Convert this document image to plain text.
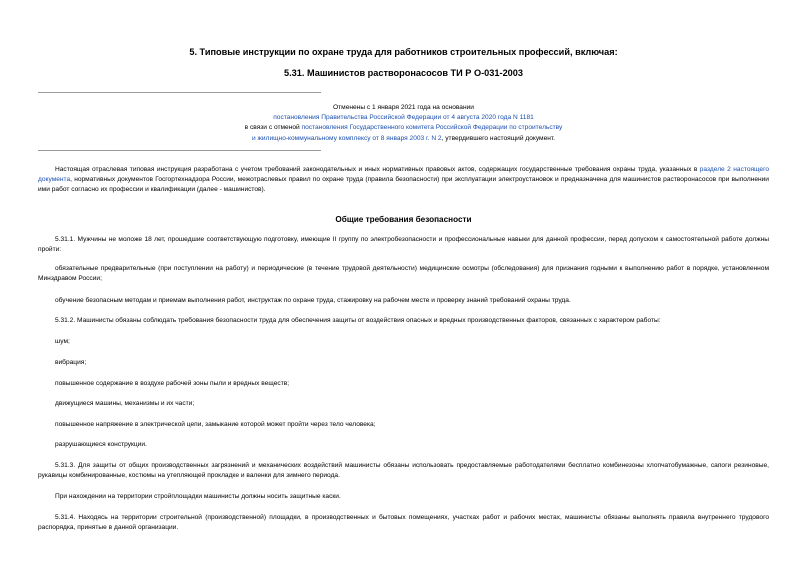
5. Типовые инструкции по охране труда для работников строительных профессий, включая:
5.31. Машинистов растворонасосов ТИ Р О-031-2003
Отменены с 1 января 2021 года на основании
постановления Правительства Российской Федерации от 4 августа 2020 года N 1181
в связи с отменой постановления Государственного комитета Российской Федерации по строительству
и жилищно-коммунальному комплексу от 8 января 2003 г. N 2, утвердившего настоящий документ.
Настоящая отраслевая типовая инструкция разработана с учетом требований законодательных и иных нормативных правовых актов, содержащих государственные требования охраны труда, указанных в разделе 2 настоящего документа, нормативных документов Госгортехнадзора России, межотраслевых правил по охране труда (правила безопасности) при эксплуатации электроустановок и предназначена для машинистов растворонасосов при выполнении ими работ согласно их профессии и квалификации (далее - машинистов).
Общие требования безопасности
5.31.1. Мужчины не моложе 18 лет, прошедшие соответствующую подготовку, имеющие II группу по электробезопасности и профессиональные навыки для данной профессии, перед допуском к самостоятельной работе должны пройти:
обязательные предварительные (при поступлении на работу) и периодические (в течение трудовой деятельности) медицинские осмотры (обследования) для признания годными к выполнению работ в порядке, установленном Минздравом России;
обучение безопасным методам и приемам выполнения работ, инструктаж по охране труда, стажировку на рабочем месте и проверку знаний требований охраны труда.
5.31.2. Машинисты обязаны соблюдать требования безопасности труда для обеспечения защиты от воздействия опасных и вредных производственных факторов, связанных с характером работы:
шум;
вибрация;
повышенное содержание в воздухе рабочей зоны пыли и вредных веществ;
движущиеся машины, механизмы и их части;
повышенное напряжение в электрической цепи, замыкание которой может пройти через тело человека;
разрушающиеся конструкции.
5.31.3. Для защиты от общих производственных загрязнений и механических воздействий машинисты обязаны использовать предоставляемые работодателями бесплатно комбинезоны хлопчатобумажные, сапоги резиновые, рукавицы комбинированные, костюмы на утепляющей прокладке и валенки для зимнего периода.
При нахождении на территории стройплощадки машинисты должны носить защитные каски.
5.31.4. Находясь на территории строительной (производственной) площадки, в производственных и бытовых помещениях, участках работ и рабочих местах, машинисты обязаны выполнять правила внутреннего трудового распорядка, принятые в данной организации.
